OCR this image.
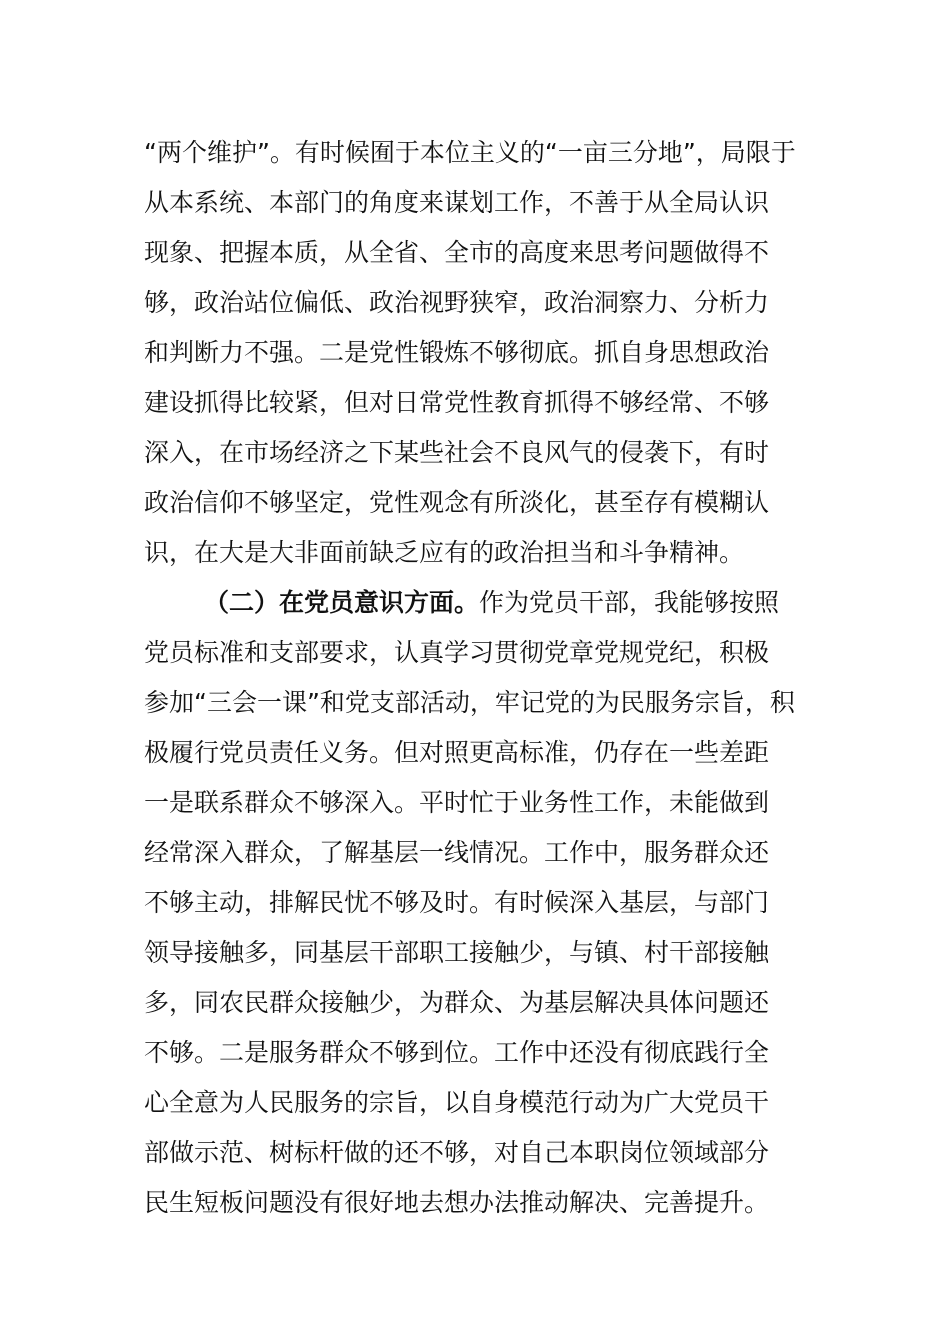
“两个维护”。有时候囿于本位主义的“一亩三分地”，局限于
从本系统、本部门的角度来谋划工作，不善于从全局认识
现象、把握本质，从全省、全市的高度来思考问题做得不
够，政治站位偏低、政治视野狭窄，政治洞察力、分析力
和判断力不强。二是党性锻炼不够彻底。抓自身思想政治
建设抓得比较紧，但对日常党性教育抓得不够经常、不够
深入，在市场经济之下某些社会不良风气的侵袭下，有时
政治信仰不够坚定，党性观念有所淡化，甚至存有模糊认
识，在大是大非面前缺乏应有的政治担当和斗争精神。
（二）在党员意识方面。作为党员干部，我能够按照
党员标准和支部要求，认真学习贯彻党章党规党纪，积极
参加“三会一课”和党支部活动，牢记党的为民服务宗旨，积
极履行党员责任义务。但对照更高标准，仍存在一些差距
一是联系群众不够深入。平时忙于业务性工作，未能做到
经常深入群众，了解基层一线情况。工作中，服务群众还
不够主动，排解民忧不够及时。有时候深入基层，与部门
领导接触多，同基层干部职工接触少，与镇、村干部接触
多，同农民群众接触少，为群众、为基层解决具体问题还
不够。二是服务群众不够到位。工作中还没有彻底践行全
心全意为人民服务的宗旨，以自身模范行动为广大党员干
部做示范、树标杆做的还不够，对自己本职岗位领域部分
民生短板问题没有很好地去想办法推动解决、完善提升。
